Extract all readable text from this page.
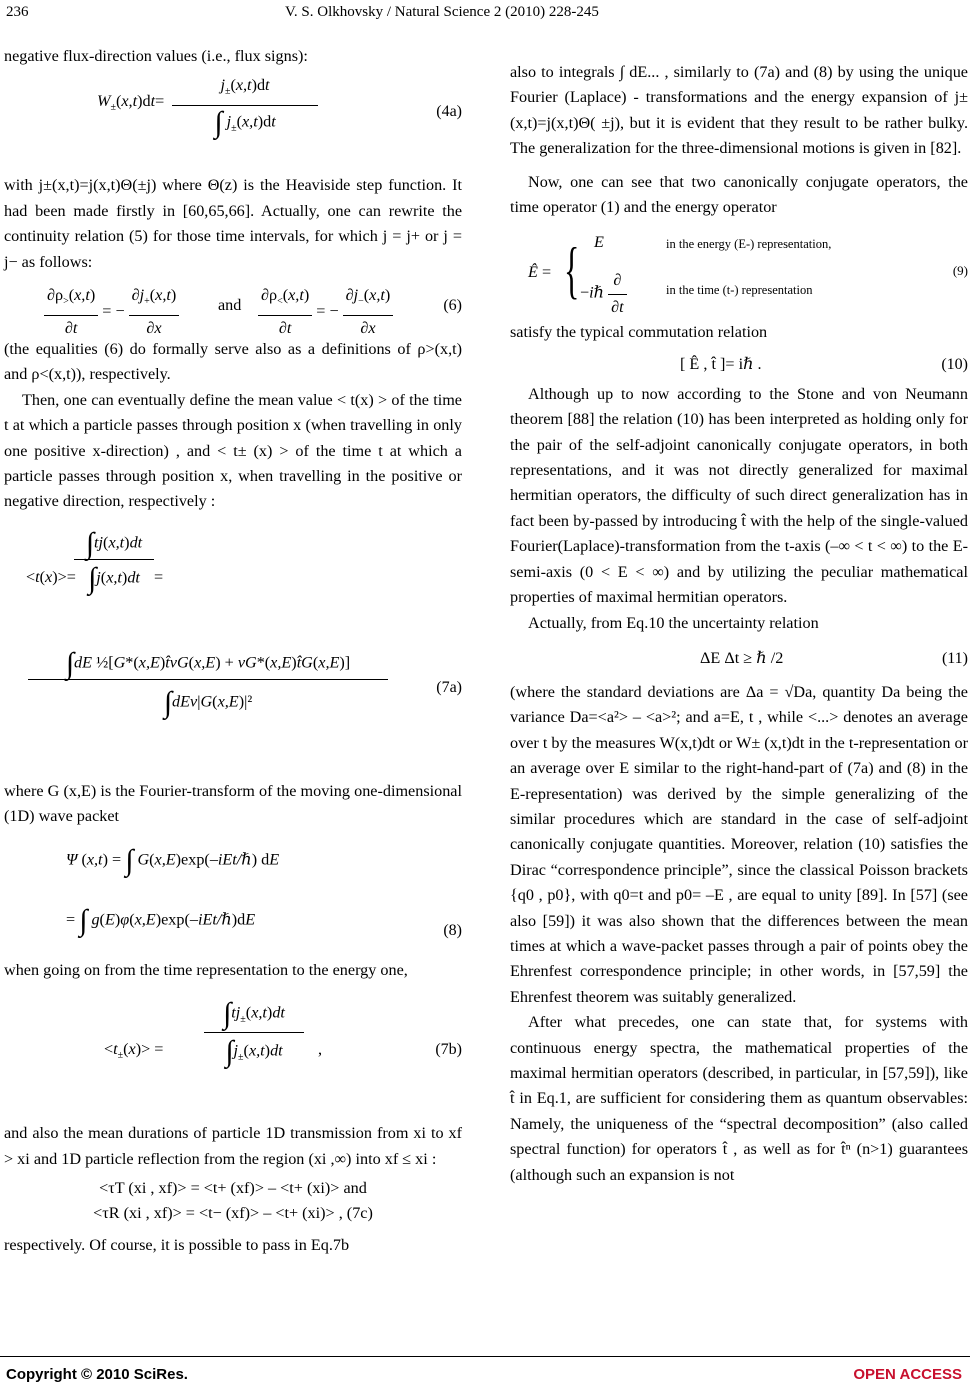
236	V. S. Olkhovsky / Natural Science 2 (2010) 228-245

negative flux-direction values (i.e., flux signs):

$W_\pm(x,t)dt=$
$j_\pm(x,t)dt$
∫ $j_\pm(x,t)dt$
(4a)

with j±(x,t)=j(x,t)Θ(±j) where Θ(z) is the Heaviside step function. It had been made firstly in [60,65,66]. Actually, one can rewrite the continuity relation (5) for those time intervals, for which j = j+ or j = j− as follows:

$\frac{\partial\rho_>(x,t)}{\partial t}$ = − $\frac{\partial j_+(x,t)}{\partial x}$ and $\frac{\partial\rho_<(x,t)}{\partial t}$ = − $\frac{\partial j_-(x,t)}{\partial x}$	(6)

(the equalities (6) do formally serve also as a definitions of ρ>(x,t) and ρ<(x,t)), respectively.

Then, one can eventually define the mean value < t(x) > of the time t at which a particle passes through position x (when travelling in only one positive x-direction) , and < t± (x) > of the time t at which a particle passes through position x, when travelling in the positive or negative direction, respectively :

<t(x)>=
∫tj(x,t)dt
∫j(x,t)dt =
∫dE ½[G*(x,E)t̂vG(x,E) + vG*(x,E)t̂G(x,E)]
∫dEv|G(x,E)|²
(7a)

where G (x,E) is the Fourier-transform of the moving one-dimensional (1D) wave packet

Ψ (x,t) = ∫ G(x,E)exp(–iEt/ℏ) dE
= ∫ g(E)φ(x,E)exp(–iEt/ℏ)dE
(8)

when going on from the time representation to the energy one,

$<t_\pm(x)>$ =
$\int tj_\pm(x,t)dt$
$\int j_\pm(x,t)dt$	,	(7b)

and also the mean durations of particle 1D transmission from xi to xf > xi and 1D particle reflection from the region (xi ,∞) into xf ≤ xi :

<τT (xi , xf)> = <t+ (xf)> – <t+ (xi)> and
<τR (xi , xf)> = <t− (xf)> – <t+ (xi)> , (7c)

respectively. Of course, it is possible to pass in Eq.7b

also to integrals ∫ dE... , similarly to (7a) and (8) by using the unique Fourier (Laplace) - transformations and the energy expansion of j±(x,t)=j(x,t)Θ( ±j), but it is evident that they result to be rather bulky. The generalization for the three-dimensional motions is given in [82].

Now, one can see that two canonically conjugate operators, the time operator (1) and the energy operator

Ê = { E
−iℏ $\frac{\partial}{\partial t}$
in the energy (E-) representation,
in the time (t-) representation
(9)

satisfy the typical commutation relation

[ Ê , t̂ ]= iℏ .	(10)

Although up to now according to the Stone and von Neumann theorem [88] the relation (10) has been interpreted as holding only for the pair of the self-adjoint canonically conjugate operators, in both representations, and it was not directly generalized for maximal hermitian operators, the difficulty of such direct generalization has in fact been by-passed by introducing t̂ with the help of the single-valued Fourier(Laplace)-transformation from the t-axis (–∞ < t < ∞) to the E-semi-axis (0 < E < ∞) and by utilizing the peculiar mathematical properties of maximal hermitian operators.

Actually, from Eq.10 the uncertainty relation

ΔE Δt ≥ ℏ /2	(11)

(where the standard deviations are Δa = √Da, quantity Da being the variance Da=<a²> – <a>²; and a=E, t , while <...> denotes an average over t by the measures W(x,t)dt or W± (x,t)dt in the t-representation or an average over E similar to the right-hand-part of (7a) and (8) in the E-representation) was derived by the simple generalizing of the similar procedures which are standard in the case of self-adjoint canonically conjugate quantities. Moreover, relation (10) satisfies the Dirac “correspondence principle”, since the classical Poisson brackets {q0 , p0}, with q0=t and p0= –E , are equal to unity [89]. In [57] (see also [59]) it was also shown that the differences between the mean times at which a wave-packet passes through a pair of points obey the Ehrenfest correspondence principle; in other words, in [57,59] the Ehrenfest theorem was suitably generalized.

After what precedes, one can state that, for systems with continuous energy spectra, the mathematical properties of the maximal hermitian operators (described, in particular, in [57,59]), like t̂ in Eq.1, are sufficient for considering them as quantum observables: Namely, the uniqueness of the “spectral decomposition” (also called spectral function) for operators t̂ , as well as for t̂ⁿ (n>1) guarantees (although such an expansion is not

Copyright © 2010 SciRes.	OPEN ACCESS
